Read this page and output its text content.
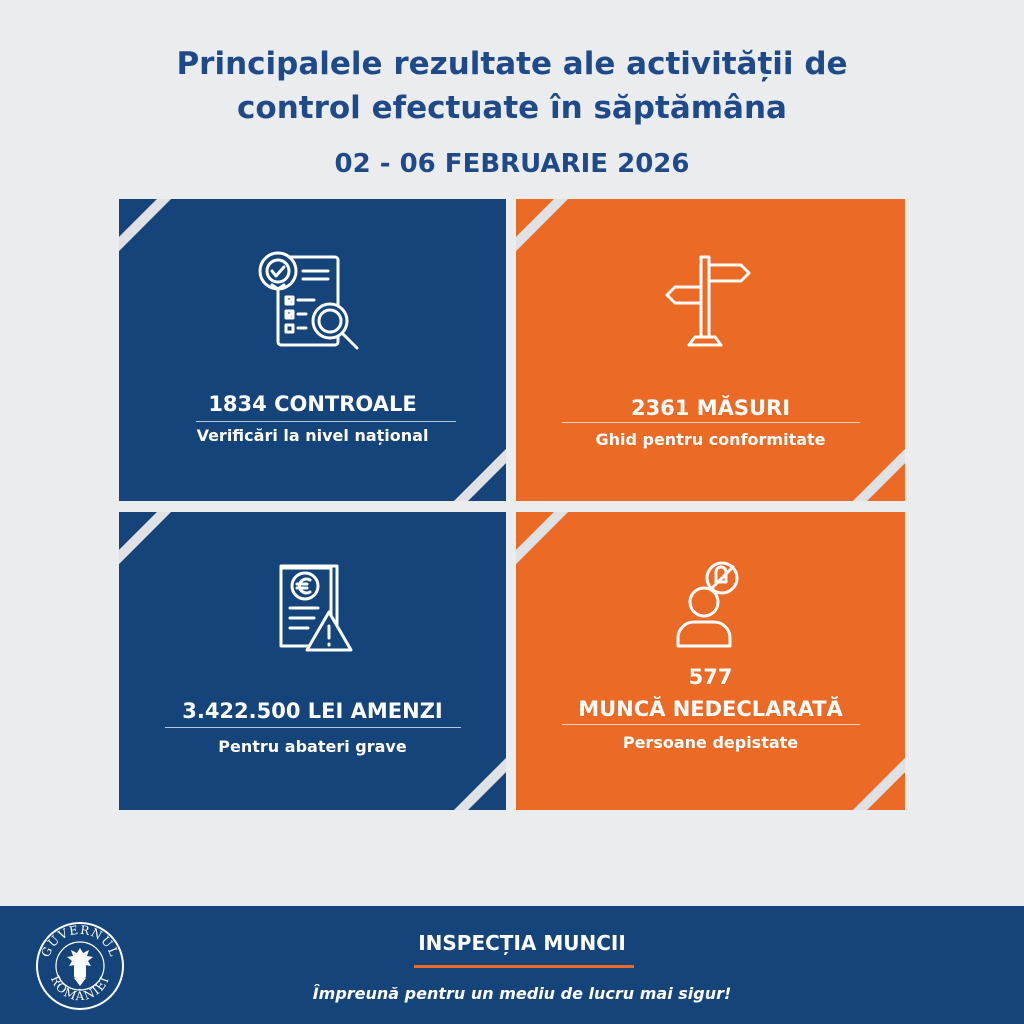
Principalele rezultate ale activității de
control efectuate în săptămâna
02 - 06 FEBRUARIE 2026
1834 CONTROALE
Verificări la nivel național
2361 MĂSURI
Ghid pentru conformitate
3.422.500 LEI AMENZI
Pentru abateri grave
577
MUNCĂ NEDECLARATĂ
Persoane depistate
GUVERNUL
ROMÂNIEI
INSPECȚIA MUNCII
Împreună pentru un mediu de lucru mai sigur!
